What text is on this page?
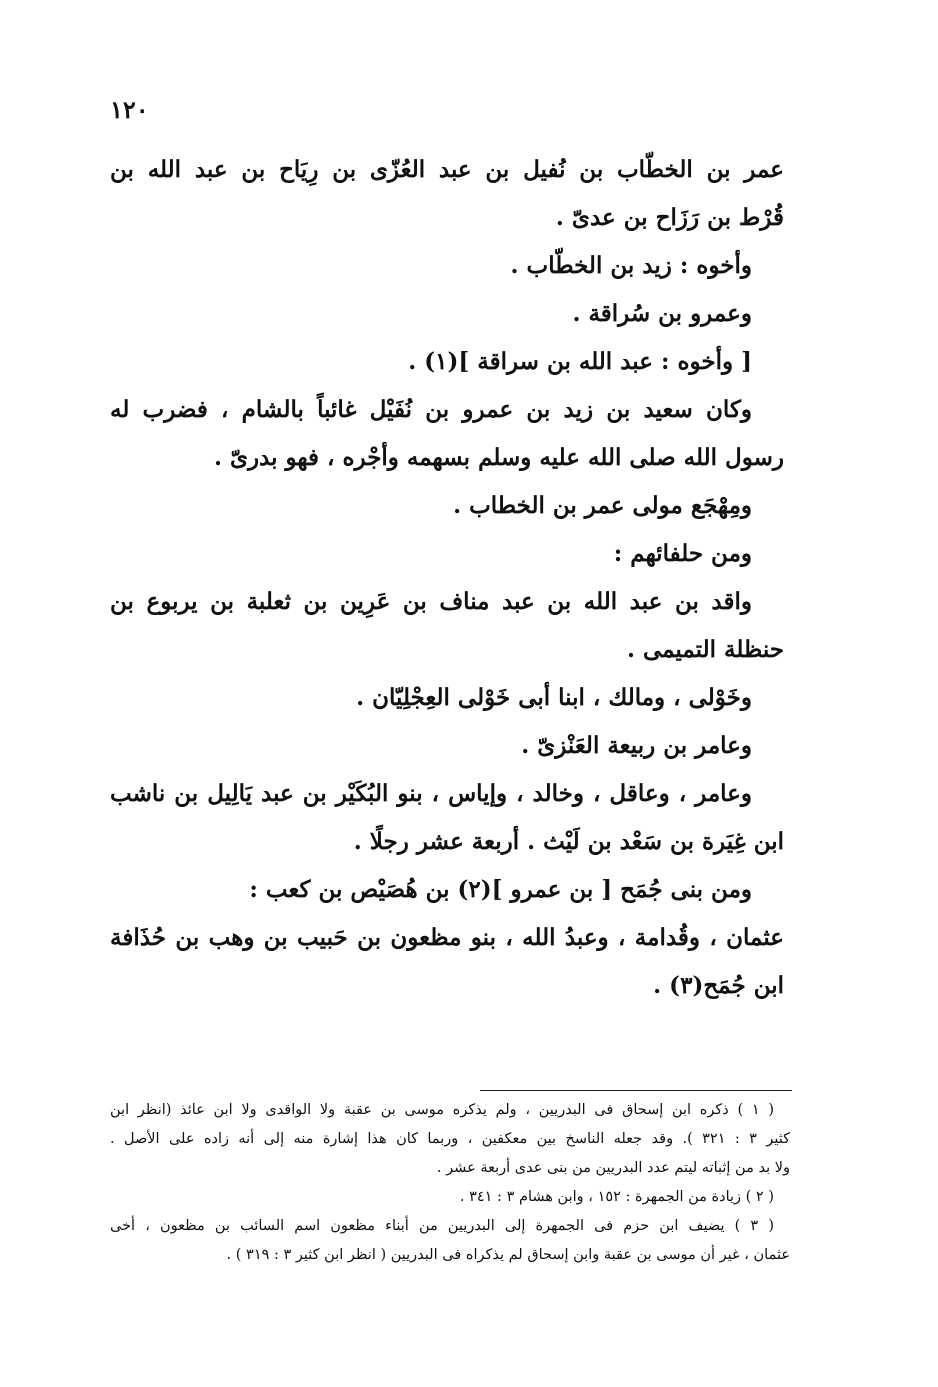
١٢٠
عمر بن الخطّاب بن نُفيل بن عبد العُزّى بن رِيَاح بن عبد الله بن
قُرْط بن رَزَاح بن عدىّ .
وأخوه : زيد بن الخطّاب .
وعمرو بن سُراقة .
[ وأخوه : عبد الله بن سراقة ](١) .
وكان سعيد بن زيد بن عمرو بن نُفَيْل غائباً بالشام ، فضرب له
رسول الله صلى الله عليه وسلم بسهمه وأجْره ، فهو بدرىّ .
ومِهْجَع مولى عمر بن الخطاب .
ومن حلفائهم :
واقد بن عبد الله بن عبد مناف بن عَرِين بن ثعلبة بن يربوع بن
حنظلة التميمى .
وخَوْلى ، ومالك ، ابنا أبى خَوْلى العِجْلِيّان .
وعامر بن ربيعة العَنْزىّ .
وعامر ، وعاقل ، وخالد ، وإياس ، بنو البُكَيْر بن عبد يَالِيل بن ناشب
ابن غِيَرة بن سَعْد بن لَيْث . أربعة عشر رجلًا .
ومن بنى جُمَح [ بن عمرو ](٢) بن هُصَيْص بن كعب :
عثمان ، وقُدامة ، وعبدُ الله ، بنو مظعون بن حَبيب بن وهب بن حُذَافة
ابن جُمَح(٣) .
( ١ ) ذكره ابن إسحاق فى البدريين ، ولم يذكره موسى بن عقبة ولا الواقدى ولا ابن عائذ (انظر ابن
كثير ٣ : ٣٢١ ). وقد جعله الناسخ بين معكفين ، وربما كان هذا إشارة منه إلى أنه زاده على الأصل .
ولا بد من إثباته ليتم عدد البدريين من بنى عدى أربعة عشر .
( ٢ ) زيادة من الجمهرة : ١٥٢ ، وابن هشام ٣ : ٣٤١ .
( ٣ ) يضيف ابن حزم فى الجمهرة إلى البدريين من أبناء مظعون اسم السائب بن مظعون ، أخى
عثمان ، غير أن موسى بن عقبة وابن إسحاق لم يذكراه فى البدريين ( انظر ابن كثير ٣ : ٣١٩ ) .
